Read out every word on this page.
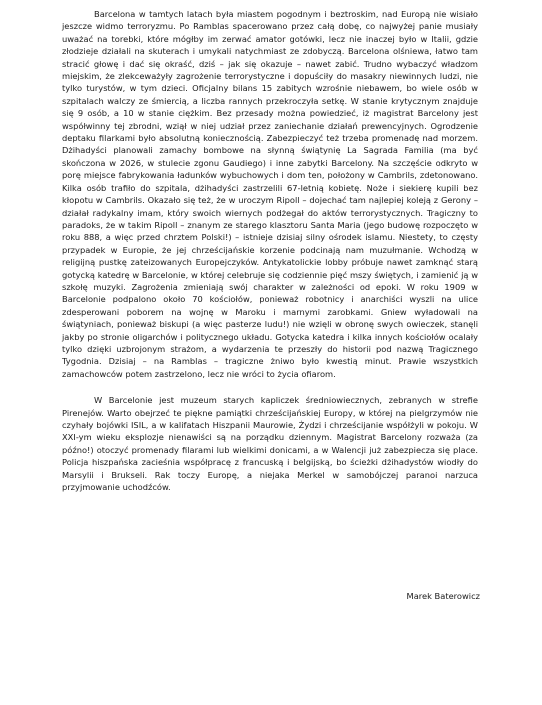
Barcelona w tamtych latach była miastem pogodnym i beztroskim, nad Europą nie wisiało jeszcze widmo terroryzmu. Po Ramblas spacerowano przez całą dobę, co najwyżej panie musiały uważać na torebki, które mógłby im zerwać amator gotówki, lecz nie inaczej było w Italii, gdzie złodzieje działali na skuterach i umykali natychmiast ze zdobyczą. Barcelona olśniewa, łatwo tam stracić głowę i dać się okraść, dziś – jak się okazuje – nawet zabić. Trudno wybaczyć władzom miejskim, że zlekceważyły zagrożenie terrorystyczne i dopuściły do masakry niewinnych ludzi, nie tylko turystów, w tym dzieci. Oficjalny bilans 15 zabitych wzrośnie niebawem, bo wiele osób w szpitalach walczy ze śmiercią, a liczba rannych przekroczyła setkę. W stanie krytycznym znajduje się 9 osób, a 10 w stanie ciężkim. Bez przesady można powiedzieć, iż magistrat Barcelony jest współwinny tej zbrodni, wziął w niej udział przez zaniechanie działań prewencyjnych. Ogrodzenie deptaku filarkami było absolutną koniecznością. Zabezpieczyć też trzeba promenadę nad morzem. Dżihadyści planowali zamachy bombowe na słynną świątynię La Sagrada Familia (ma być skończona w 2026, w stulecie zgonu Gaudiego) i inne zabytki Barcelony. Na szczęście odkryto w porę miejsce fabrykowania ładunków wybuchowych i dom ten, położony w Cambrils, zdetonowano. Kilka osób trafiło do szpitala, dżihadyści zastrzelili 67-letnią kobietę. Noże i siekierę kupili bez kłopotu w Cambrils. Okazało się też, że w uroczym Ripoll – dojechać tam najlepiej koleją z Gerony – działał radykalny imam, który swoich wiernych podżegał do aktów terrorystycznych. Tragiczny to paradoks, że w takim Ripoll – znanym ze starego klasztoru Santa Maria (jego budowę rozpoczęto w roku 888, a więc przed chrztem Polski!) – istnieje dzisiaj silny ośrodek islamu. Niestety, to częsty przypadek w Europie, że jej chrześcijańskie korzenie podcinają nam muzułmanie. Wchodzą w religijną pustkę zateizowanych Europejczyków. Antykatolickie lobby próbuje nawet zamknąć starą gotycką katedrę w Barcelonie, w której celebruje się codziennie pięć mszy świętych, i zamienić ją w szkołę muzyki. Zagrożenia zmieniają swój charakter w zależności od epoki. W roku 1909 w Barcelonie podpalono około 70 kościołów, ponieważ robotnicy i anarchiści wyszli na ulice zdesperowani poborem na wojnę w Maroku i marnymi zarobkami. Gniew wyładowali na świątyniach, ponieważ biskupi (a więc pasterze ludu!) nie wzięli w obronę swych owieczek, stanęli jakby po stronie oligarchów i politycznego układu. Gotycka katedra i kilka innych kościołów ocalały tylko dzięki uzbrojonym strażom, a wydarzenia te przeszły do historii pod nazwą Tragicznego Tygodnia. Dzisiaj – na Ramblas – tragiczne żniwo było kwestią minut. Prawie wszystkich zamachowców potem zastrzelono, lecz nie wróci to życia ofiarom.

W Barcelonie jest muzeum starych kapliczek średniowiecznych, zebranych w strefie Pirenejów. Warto obejrzeć te piękne pamiątki chrześcijańskiej Europy, w której na pielgrzymów nie czyhały bojówki ISIL, a w kalifatach Hiszpanii Maurowie, Żydzi i chrześcijanie współżyli w pokoju. W XXI-ym wieku eksplozje nienawiści są na porządku dziennym. Magistrat Barcelony rozważa (za późno!) otoczyć promenady filarami lub wielkimi donicami, a w Walencji już zabezpiecza się place. Policja hiszpańska zacieśnia współpracę z francuską i belgijską, bo ścieżki dżihadystów wiodły do Marsylii i Brukseli. Rak toczy Europę, a niejaka Merkel w samobójczej paranoi narzuca przyjmowanie uchodźców.

Marek Baterowicz
